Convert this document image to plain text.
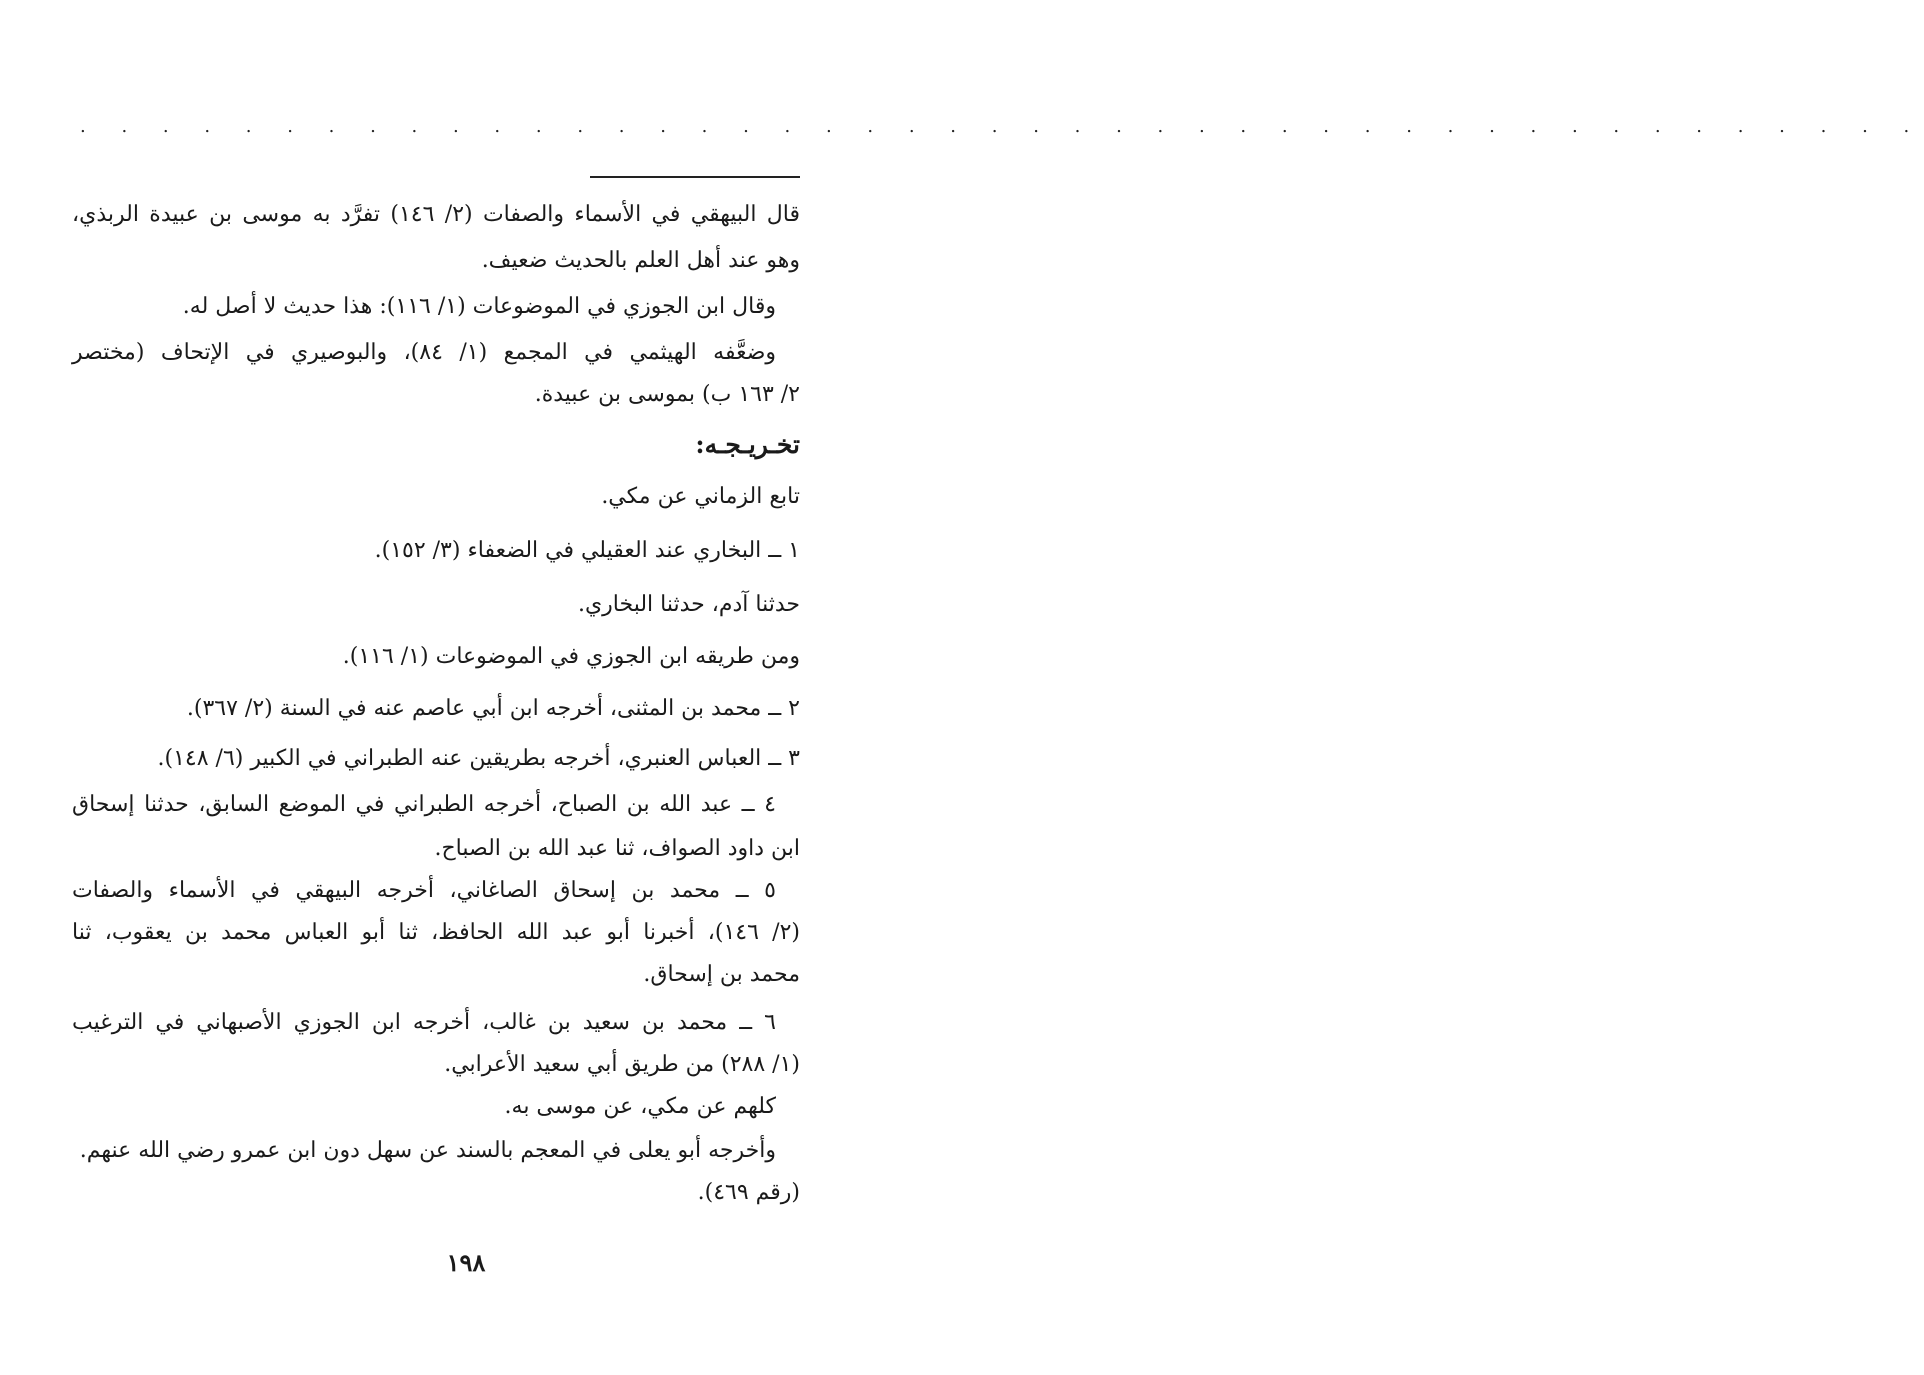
. . . . . . . . . . . . . . . . . . . . . . . . . . . . . . . . . . . . . . . . . . . . .
قال البيهقي في الأسماء والصفات (٢/ ١٤٦) تفرَّد به موسى بن عبيدة الربذي،
وهو عند أهل العلم بالحديث ضعيف.
وقال ابن الجوزي في الموضوعات (١/ ١١٦): هذا حديث لا أصل له.
وضعَّفه الهيثمي في المجمع (١/ ٨٤)، والبوصيري في الإتحاف (مختصر
٢/ ١٦٣ ب) بموسى بن عبيدة.
تخـريـجـه:
تابع الزماني عن مكي.
١ ــ البخاري عند العقيلي في الضعفاء (٣/ ١٥٢).
حدثنا آدم، حدثنا البخاري.
ومن طريقه ابن الجوزي في الموضوعات (١/ ١١٦).
٢ ــ محمد بن المثنى، أخرجه ابن أبي عاصم عنه في السنة (٢/ ٣٦٧).
٣ ــ العباس العنبري، أخرجه بطريقين عنه الطبراني في الكبير (٦/ ١٤٨).
٤ ــ عبد الله بن الصباح، أخرجه الطبراني في الموضع السابق، حدثنا إسحاق
ابن داود الصواف، ثنا عبد الله بن الصباح.
٥ ــ محمد بن إسحاق الصاغاني، أخرجه البيهقي في الأسماء والصفات
(٢/ ١٤٦)، أخبرنا أبو عبد الله الحافظ، ثنا أبو العباس محمد بن يعقوب، ثنا
محمد بن إسحاق.
٦ ــ محمد بن سعيد بن غالب، أخرجه ابن الجوزي الأصبهاني في الترغيب
(١/ ٢٨٨) من طريق أبي سعيد الأعرابي.
كلهم عن مكي، عن موسى به.
وأخرجه أبو يعلى في المعجم بالسند عن سهل دون ابن عمرو رضي الله عنهم.
(رقم ٤٦٩).
١٩٨
